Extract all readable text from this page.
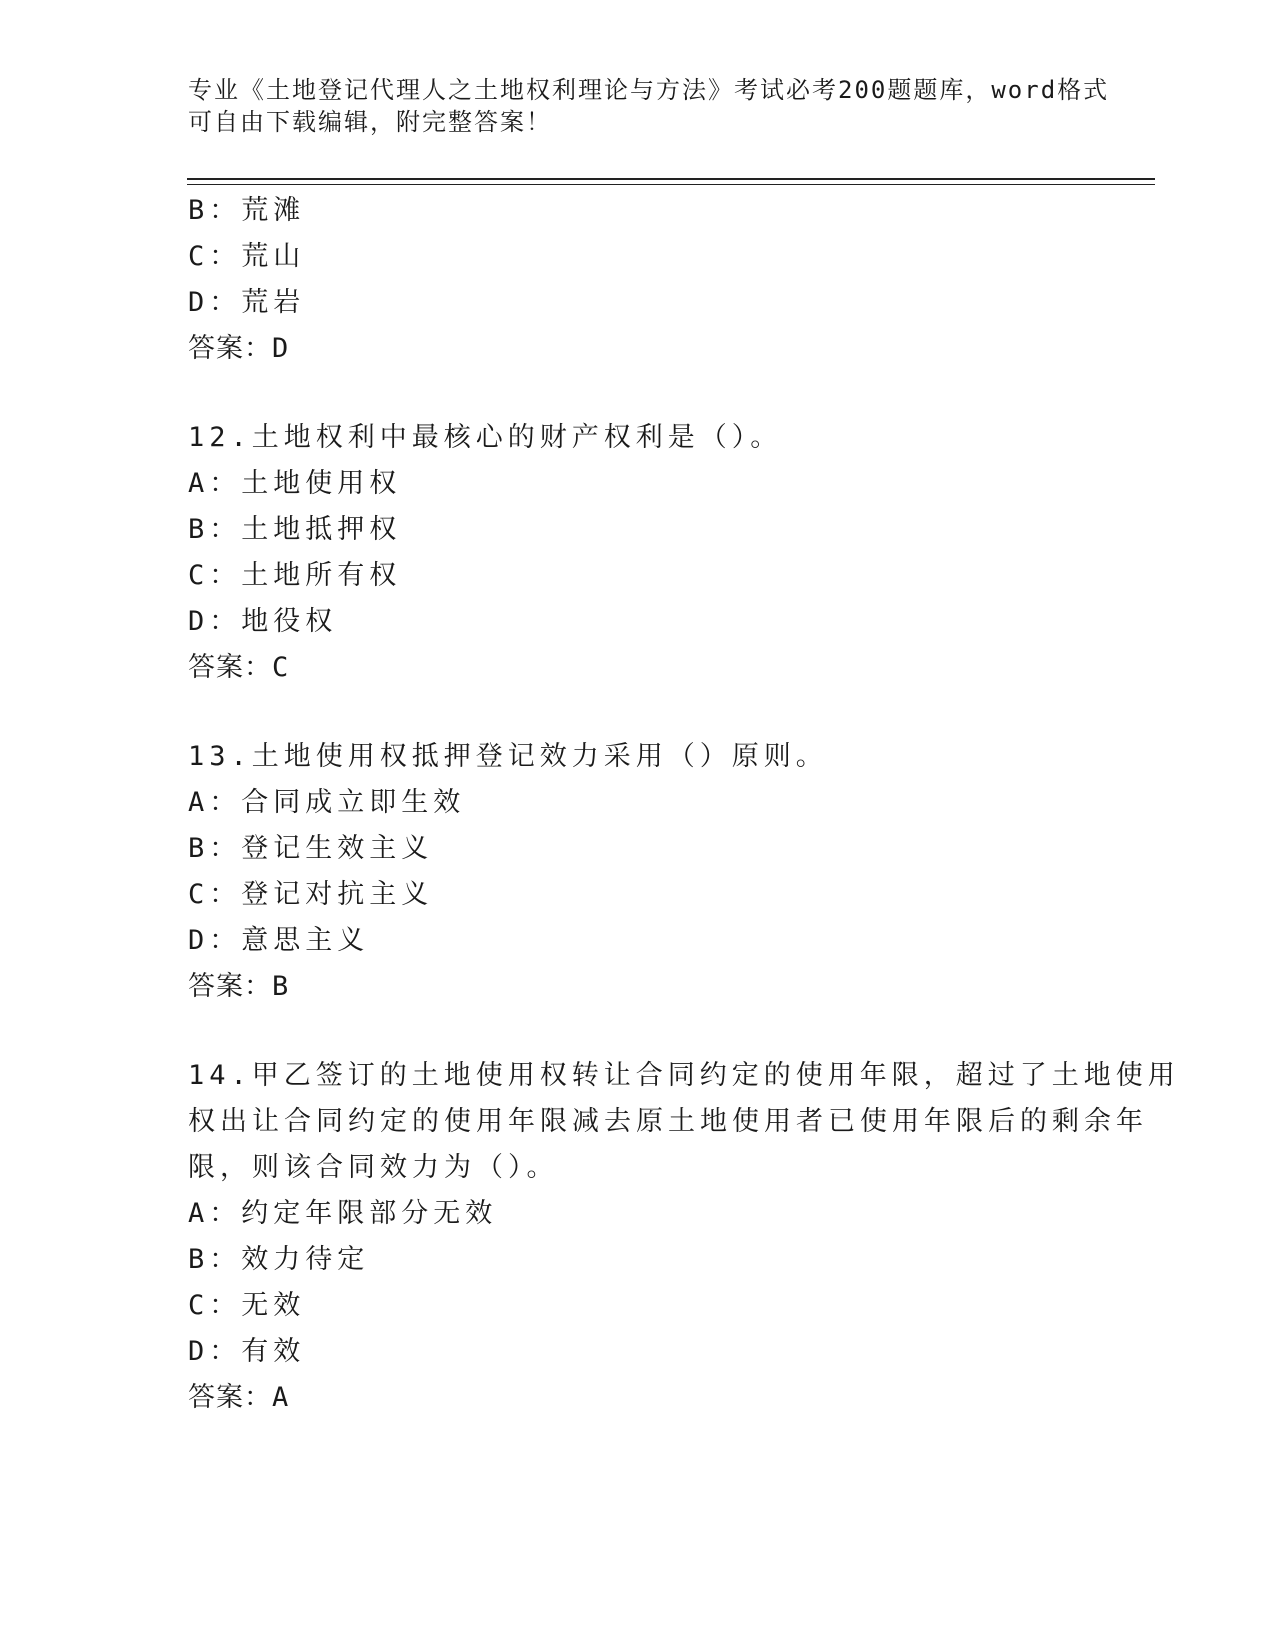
专业《土地登记代理人之土地权利理论与方法》考试必考200题题库，word格式
可自由下载编辑，附完整答案！
B：荒滩
C：荒山
D：荒岩
答案：D
12.土地权利中最核心的财产权利是（）。
A：土地使用权
B：土地抵押权
C：土地所有权
D：地役权
答案：C
13.土地使用权抵押登记效力采用（）原则。
A：合同成立即生效
B：登记生效主义
C：登记对抗主义
D：意思主义
答案：B
14.甲乙签订的土地使用权转让合同约定的使用年限，超过了土地使用
权出让合同约定的使用年限减去原土地使用者已使用年限后的剩余年
限，则该合同效力为（）。
A：约定年限部分无效
B：效力待定
C：无效
D：有效
答案：A
